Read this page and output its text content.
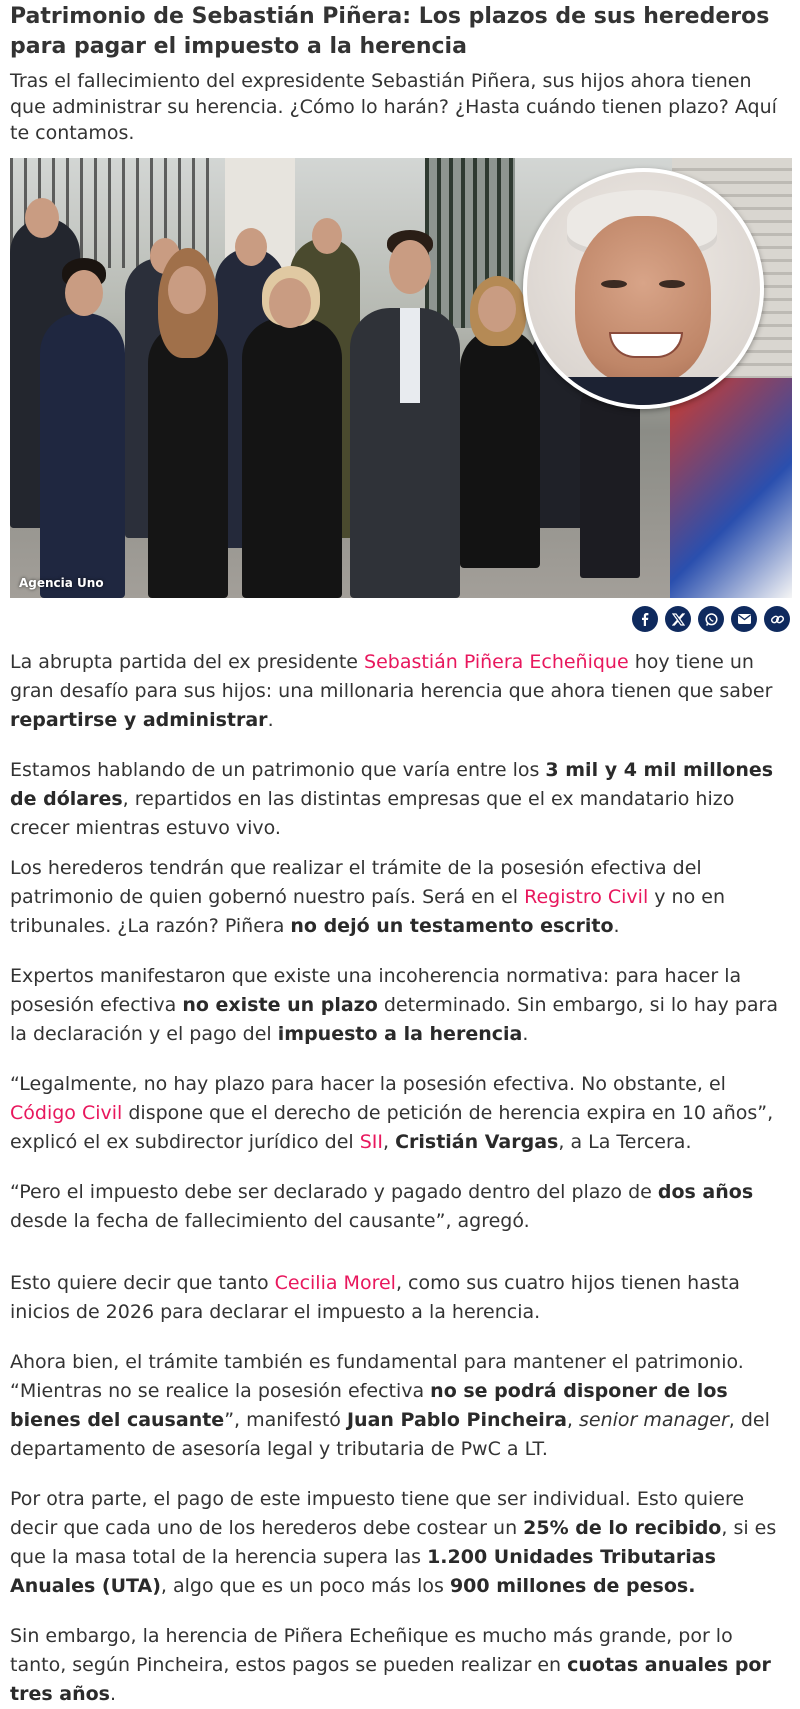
Patrimonio de Sebastián Piñera: Los plazos de sus herederos para pagar el impuesto a la herencia

Tras el fallecimiento del expresidente Sebastián Piñera, sus hijos ahora tienen que administrar su herencia. ¿Cómo lo harán? ¿Hasta cuándo tienen plazo? Aquí te contamos.

Agencia Uno

La abrupta partida del ex presidente Sebastián Piñera Echeñique hoy tiene un gran desafío para sus hijos: una millonaria herencia que ahora tienen que saber repartirse y administrar.

Estamos hablando de un patrimonio que varía entre los 3 mil y 4 mil millones de dólares, repartidos en las distintas empresas que el ex mandatario hizo crecer mientras estuvo vivo.

Los herederos tendrán que realizar el trámite de la posesión efectiva del patrimonio de quien gobernó nuestro país. Será en el Registro Civil y no en tribunales. ¿La razón? Piñera no dejó un testamento escrito.

Expertos manifestaron que existe una incoherencia normativa: para hacer la posesión efectiva no existe un plazo determinado. Sin embargo, si lo hay para la declaración y el pago del impuesto a la herencia.

“Legalmente, no hay plazo para hacer la posesión efectiva. No obstante, el Código Civil dispone que el derecho de petición de herencia expira en 10 años”, explicó el ex subdirector jurídico del SII, Cristián Vargas, a La Tercera.

“Pero el impuesto debe ser declarado y pagado dentro del plazo de dos años desde la fecha de fallecimiento del causante”, agregó.

Esto quiere decir que tanto Cecilia Morel, como sus cuatro hijos tienen hasta inicios de 2026 para declarar el impuesto a la herencia.

Ahora bien, el trámite también es fundamental para mantener el patrimonio. “Mientras no se realice la posesión efectiva no se podrá disponer de los bienes del causante”, manifestó Juan Pablo Pincheira, senior manager, del departamento de asesoría legal y tributaria de PwC a LT.

Por otra parte, el pago de este impuesto tiene que ser individual. Esto quiere decir que cada uno de los herederos debe costear un 25% de lo recibido, si es que la masa total de la herencia supera las 1.200 Unidades Tributarias Anuales (UTA), algo que es un poco más los 900 millones de pesos.

Sin embargo, la herencia de Piñera Echeñique es mucho más grande, por lo tanto, según Pincheira, estos pagos se pueden realizar en cuotas anuales por tres años.
